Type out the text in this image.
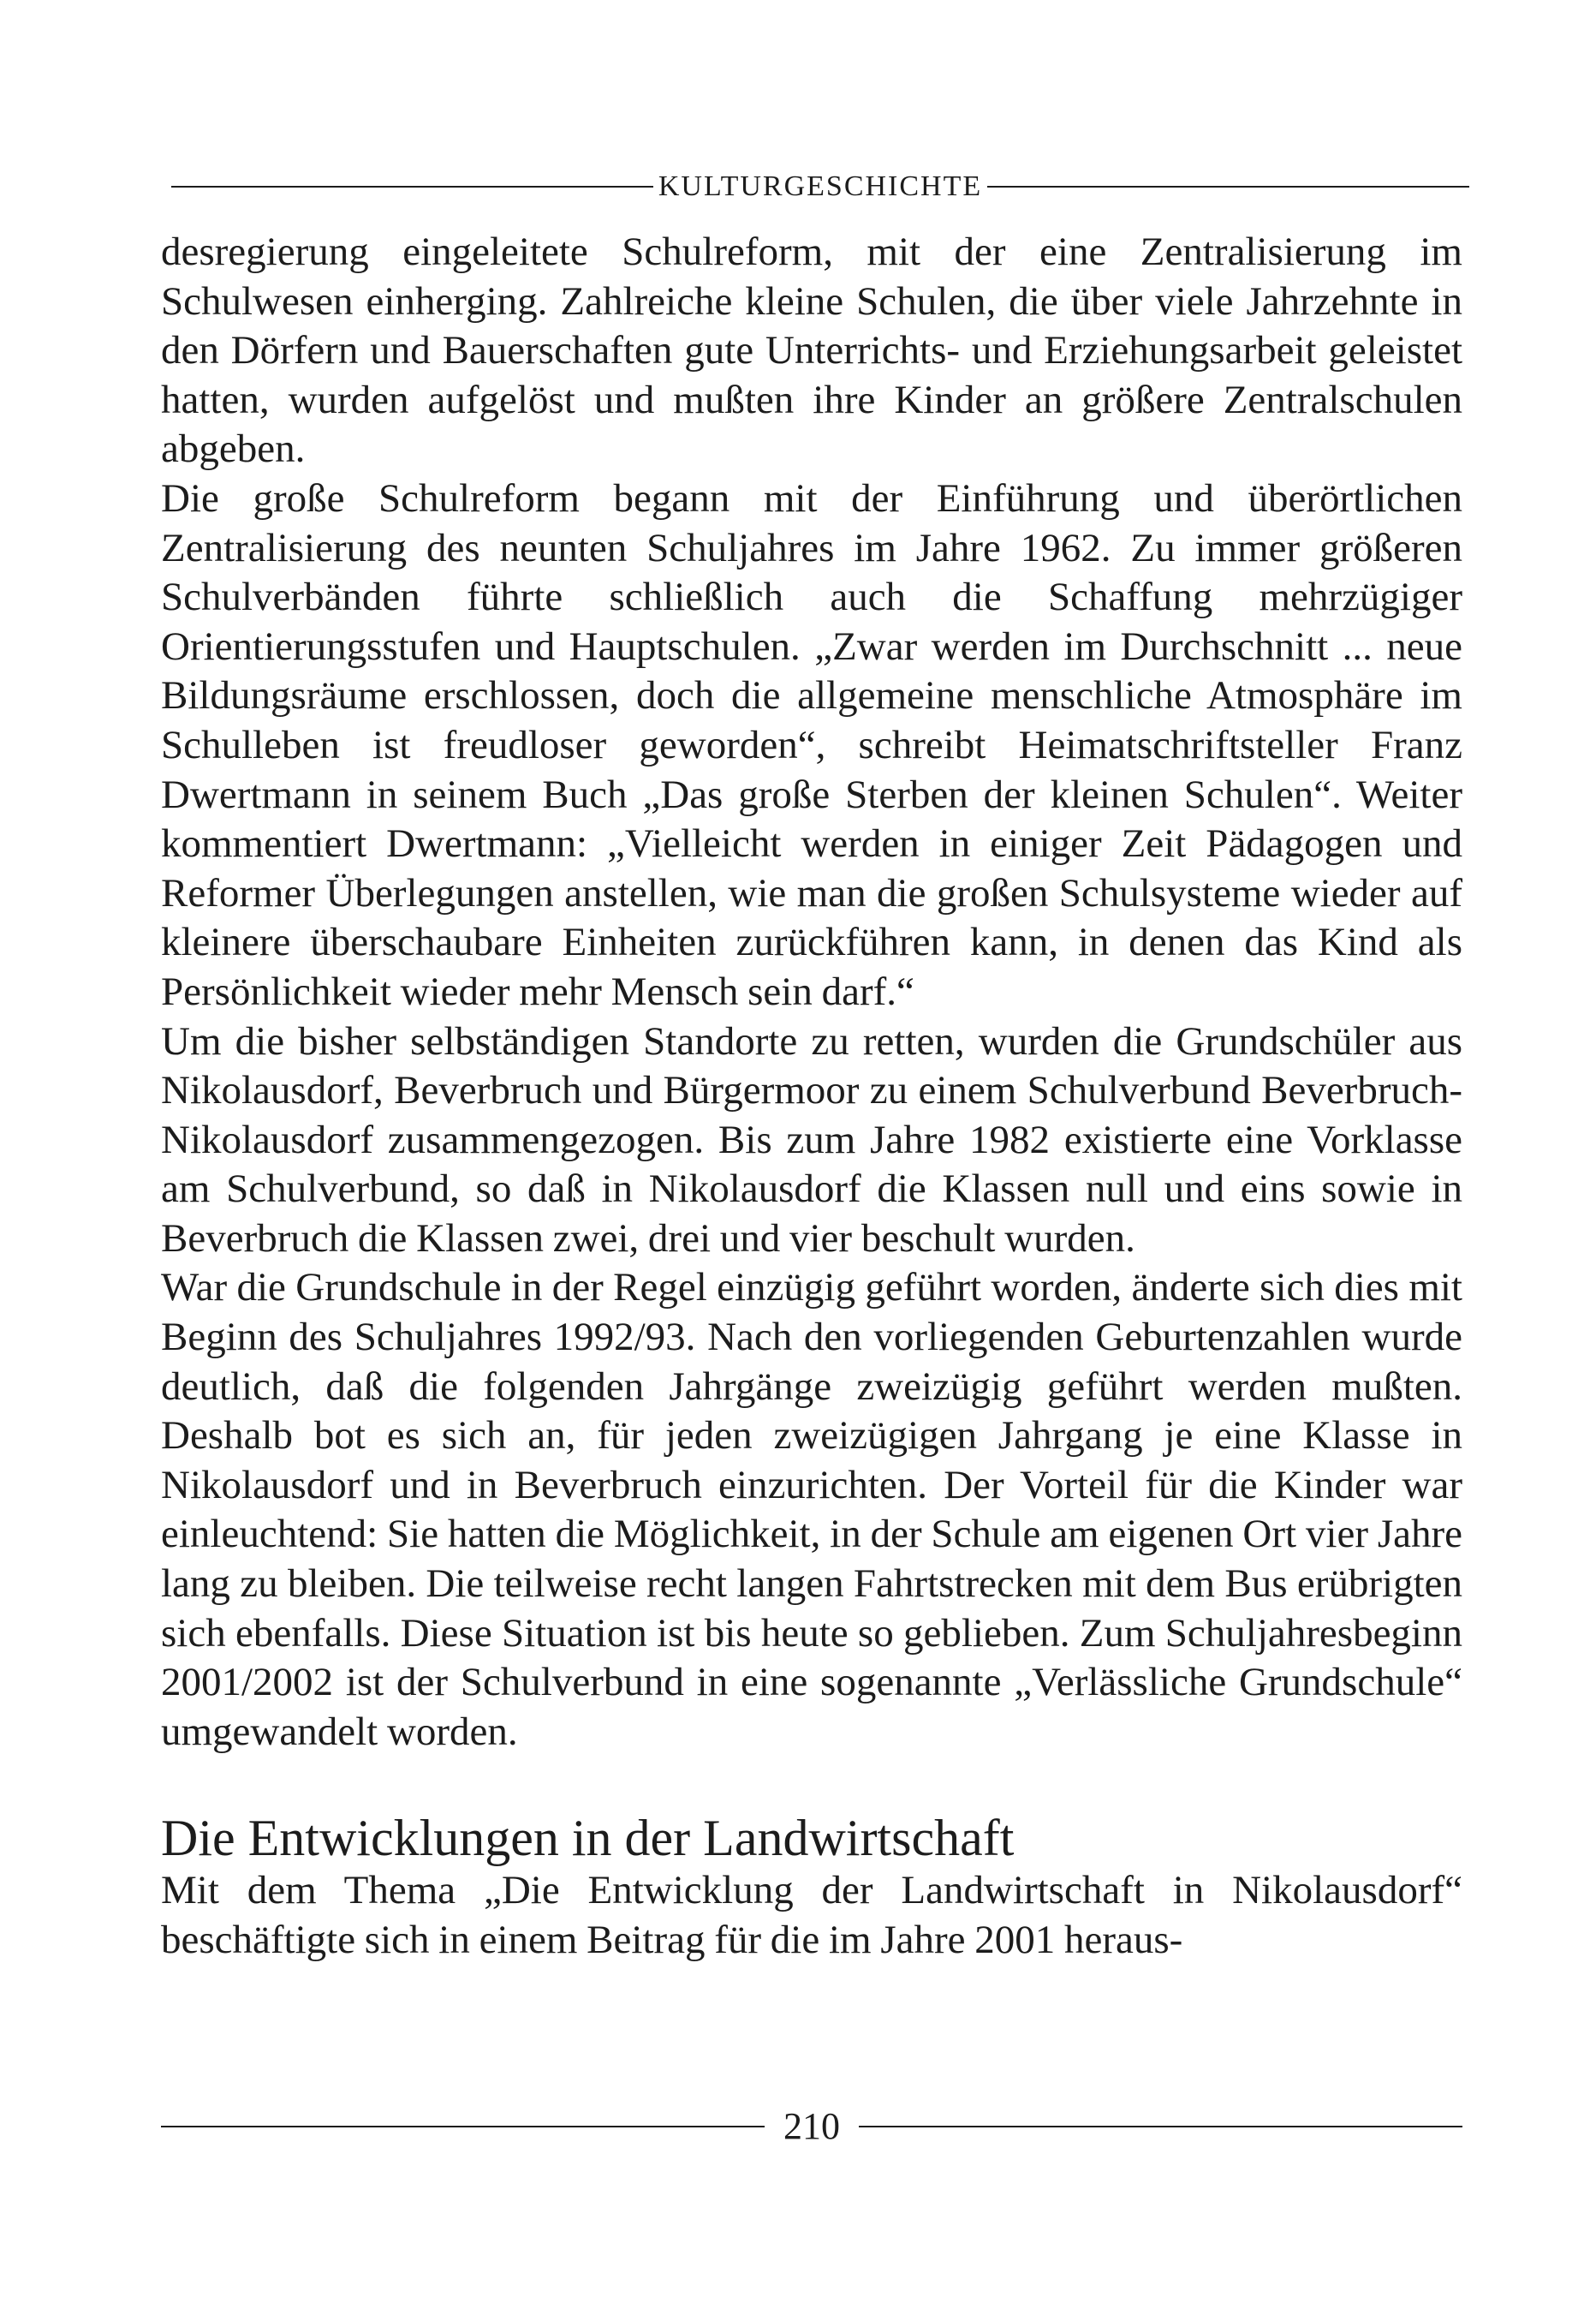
KULTURGESCHICHTE

desregierung eingeleitete Schulreform, mit der eine Zentralisierung im Schulwesen einherging. Zahlreiche kleine Schulen, die über viele Jahrzehnte in den Dörfern und Bauerschaften gute Unterrichts- und Erziehungsarbeit geleistet hatten, wurden aufgelöst und mußten ihre Kinder an größere Zentralschulen abgeben.

Die große Schulreform begann mit der Einführung und überörtlichen Zentralisierung des neunten Schuljahres im Jahre 1962. Zu immer größeren Schulverbänden führte schließlich auch die Schaffung mehrzügiger Orientierungsstufen und Hauptschulen. „Zwar werden im Durchschnitt ... neue Bildungsräume erschlossen, doch die allgemeine menschliche Atmosphäre im Schulleben ist freudloser geworden“, schreibt Heimatschriftsteller Franz Dwertmann in seinem Buch „Das große Sterben der kleinen Schulen“. Weiter kommentiert Dwertmann: „Vielleicht werden in einiger Zeit Pädagogen und Reformer Überlegungen anstellen, wie man die großen Schulsysteme wieder auf kleinere überschaubare Einheiten zurückführen kann, in denen das Kind als Persönlichkeit wieder mehr Mensch sein darf.“

Um die bisher selbständigen Standorte zu retten, wurden die Grundschüler aus Nikolausdorf, Beverbruch und Bürgermoor zu einem Schulverbund Beverbruch-Nikolausdorf zusammengezogen. Bis zum Jahre 1982 existierte eine Vorklasse am Schulverbund, so daß in Nikolausdorf die Klassen null und eins sowie in Beverbruch die Klassen zwei, drei und vier beschult wurden.

War die Grundschule in der Regel einzügig geführt worden, änderte sich dies mit Beginn des Schuljahres 1992/93. Nach den vorliegenden Geburtenzahlen wurde deutlich, daß die folgenden Jahrgänge zweizügig geführt werden mußten. Deshalb bot es sich an, für jeden zweizügigen Jahrgang je eine Klasse in Nikolausdorf und in Beverbruch einzurichten. Der Vorteil für die Kinder war einleuchtend: Sie hatten die Möglichkeit, in der Schule am eigenen Ort vier Jahre lang zu bleiben. Die teilweise recht langen Fahrtstrecken mit dem Bus erübrigten sich ebenfalls. Diese Situation ist bis heute so geblieben. Zum Schuljahresbeginn 2001/2002 ist der Schulverbund in eine sogenannte „Verlässliche Grundschule“ umgewandelt worden.

Die Entwicklungen in der Landwirtschaft

Mit dem Thema „Die Entwicklung der Landwirtschaft in Nikolausdorf“ beschäftigte sich in einem Beitrag für die im Jahre 2001 heraus-

210
